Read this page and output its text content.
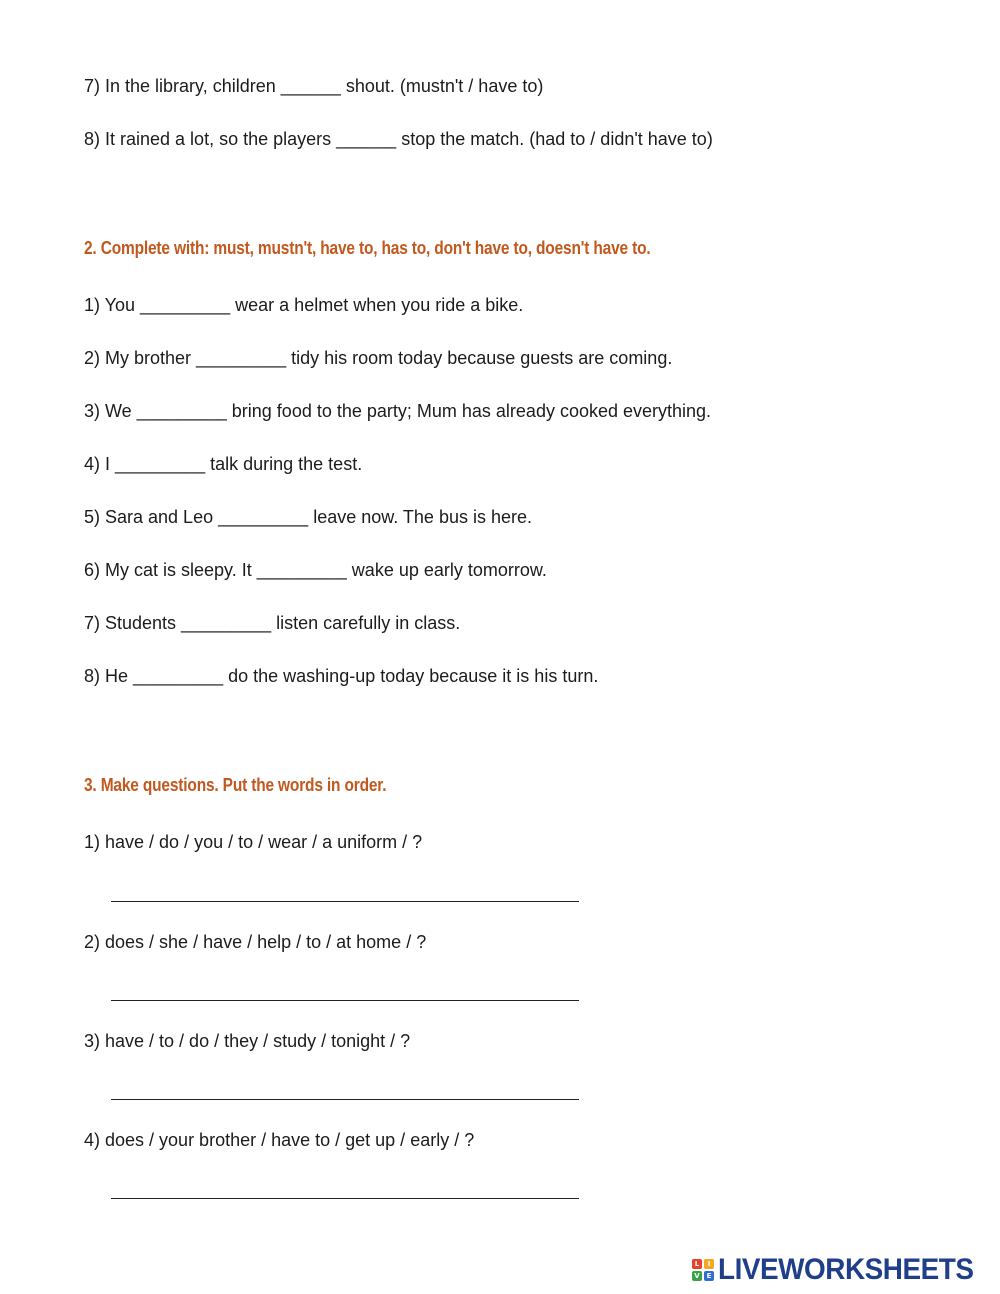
7) In the library, children ______ shout. (mustn't / have to)
8) It rained a lot, so the players ______ stop the match. (had to / didn't have to)
2. Complete with: must, mustn't, have to, has to, don't have to, doesn't have to.
1) You _________ wear a helmet when you ride a bike.
2) My brother _________ tidy his room today because guests are coming.
3) We _________ bring food to the party; Mum has already cooked everything.
4) I _________ talk during the test.
5) Sara and Leo _________ leave now. The bus is here.
6) My cat is sleepy. It _________ wake up early tomorrow.
7) Students _________ listen carefully in class.
8) He _________ do the washing-up today because it is his turn.
3. Make questions. Put the words in order.
1) have / do / you / to / wear / a uniform / ?
2) does / she / have / help / to / at home / ?
3) have / to / do / they / study / tonight / ?
4) does / your brother / have to / get up / early / ?
L	I
V E LIVEWORKSHEETS
